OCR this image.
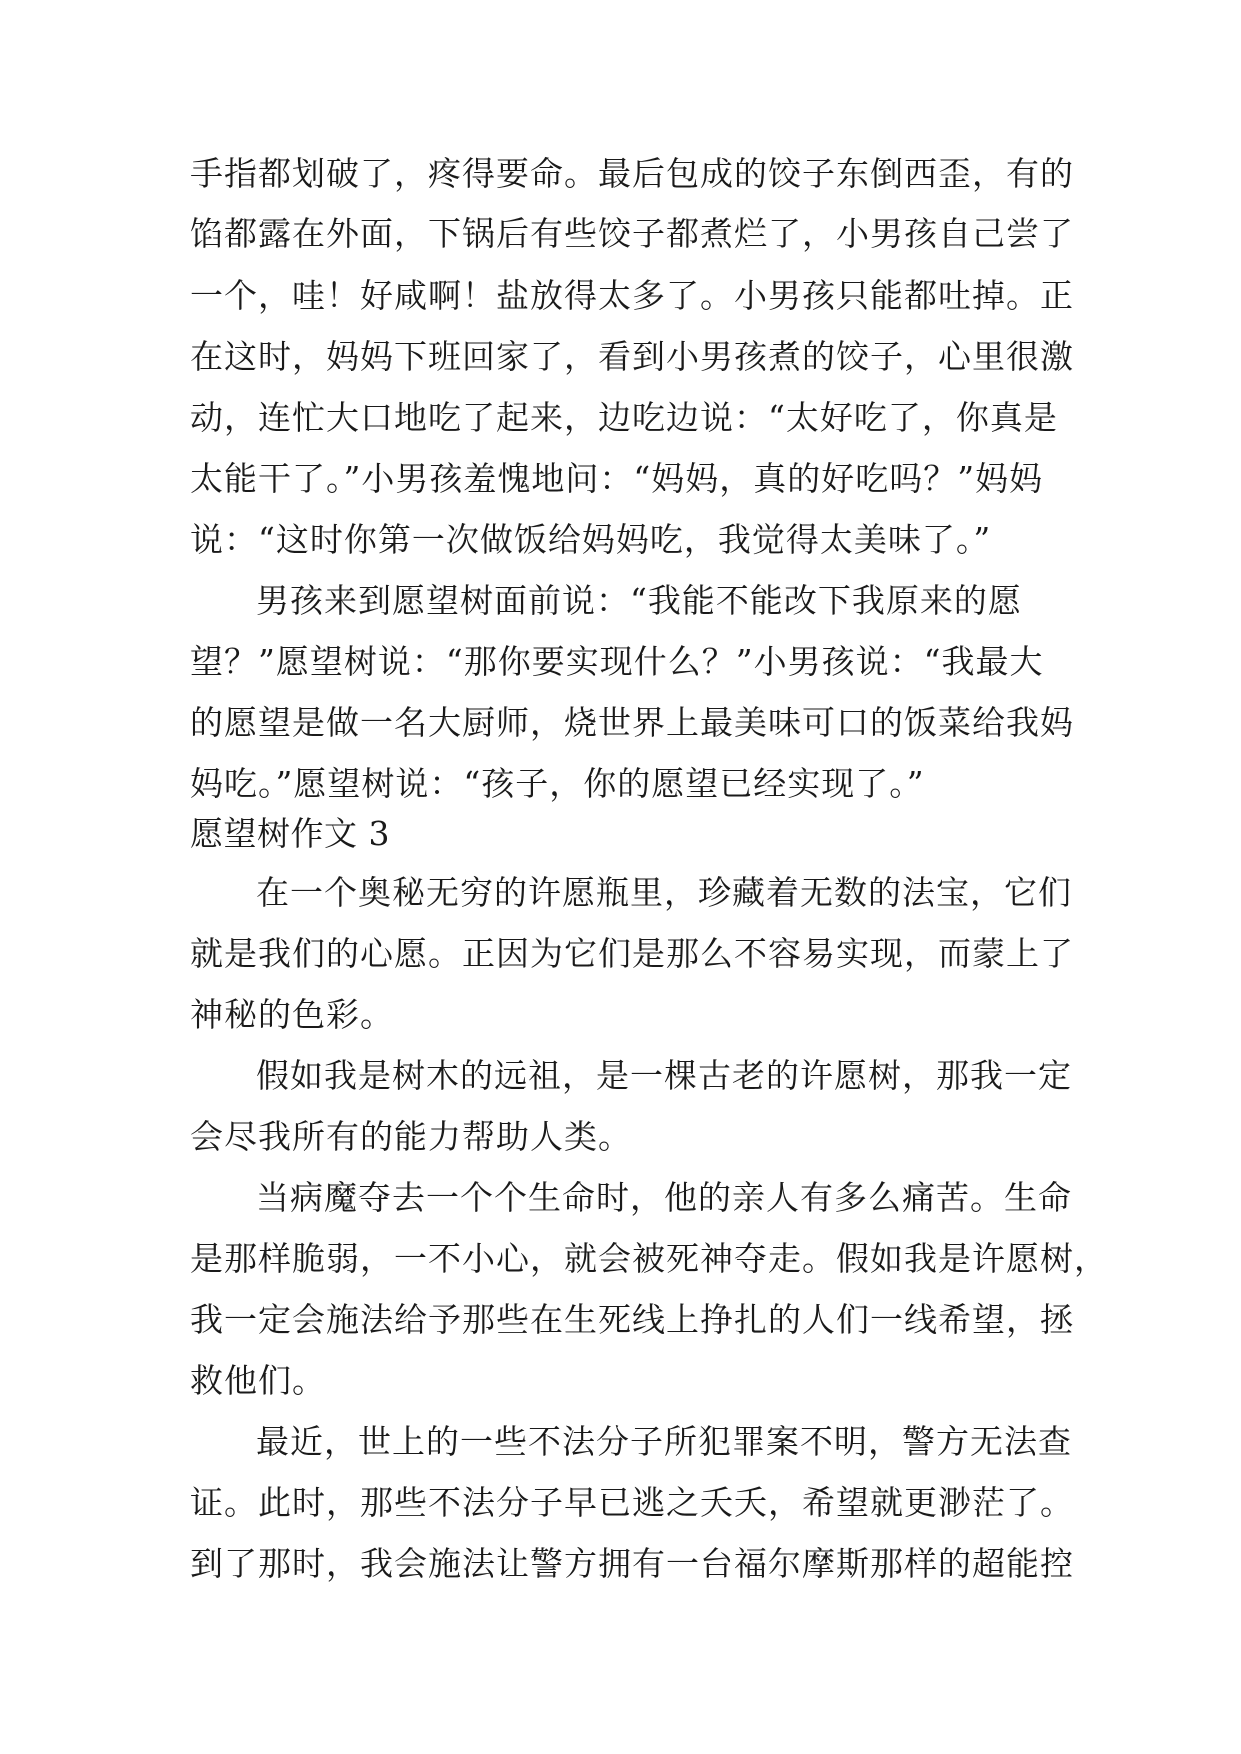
手指都划破了，疼得要命。最后包成的饺子东倒西歪，有的
馅都露在外面，下锅后有些饺子都煮烂了，小男孩自己尝了
一个，哇！好咸啊！盐放得太多了。小男孩只能都吐掉。正
在这时，妈妈下班回家了，看到小男孩煮的饺子，心里很激
动，连忙大口地吃了起来，边吃边说：“太好吃了，你真是
太能干了。”小男孩羞愧地问：“妈妈，真的好吃吗？”妈妈
说：“这时你第一次做饭给妈妈吃，我觉得太美味了。”
男孩来到愿望树面前说：“我能不能改下我原来的愿
望？”愿望树说：“那你要实现什么？”小男孩说：“我最大
的愿望是做一名大厨师，烧世界上最美味可口的饭菜给我妈
妈吃。”愿望树说：“孩子，你的愿望已经实现了。”
愿望树作文 3
在一个奥秘无穷的许愿瓶里，珍藏着无数的法宝，它们
就是我们的心愿。正因为它们是那么不容易实现，而蒙上了
神秘的色彩。
假如我是树木的远祖，是一棵古老的许愿树，那我一定
会尽我所有的能力帮助人类。
当病魔夺去一个个生命时，他的亲人有多么痛苦。生命
是那样脆弱，一不小心，就会被死神夺走。假如我是许愿树，
我一定会施法给予那些在生死线上挣扎的人们一线希望，拯
救他们。
最近，世上的一些不法分子所犯罪案不明，警方无法查
证。此时，那些不法分子早已逃之夭夭，希望就更渺茫了。
到了那时，我会施法让警方拥有一台福尔摩斯那样的超能控
